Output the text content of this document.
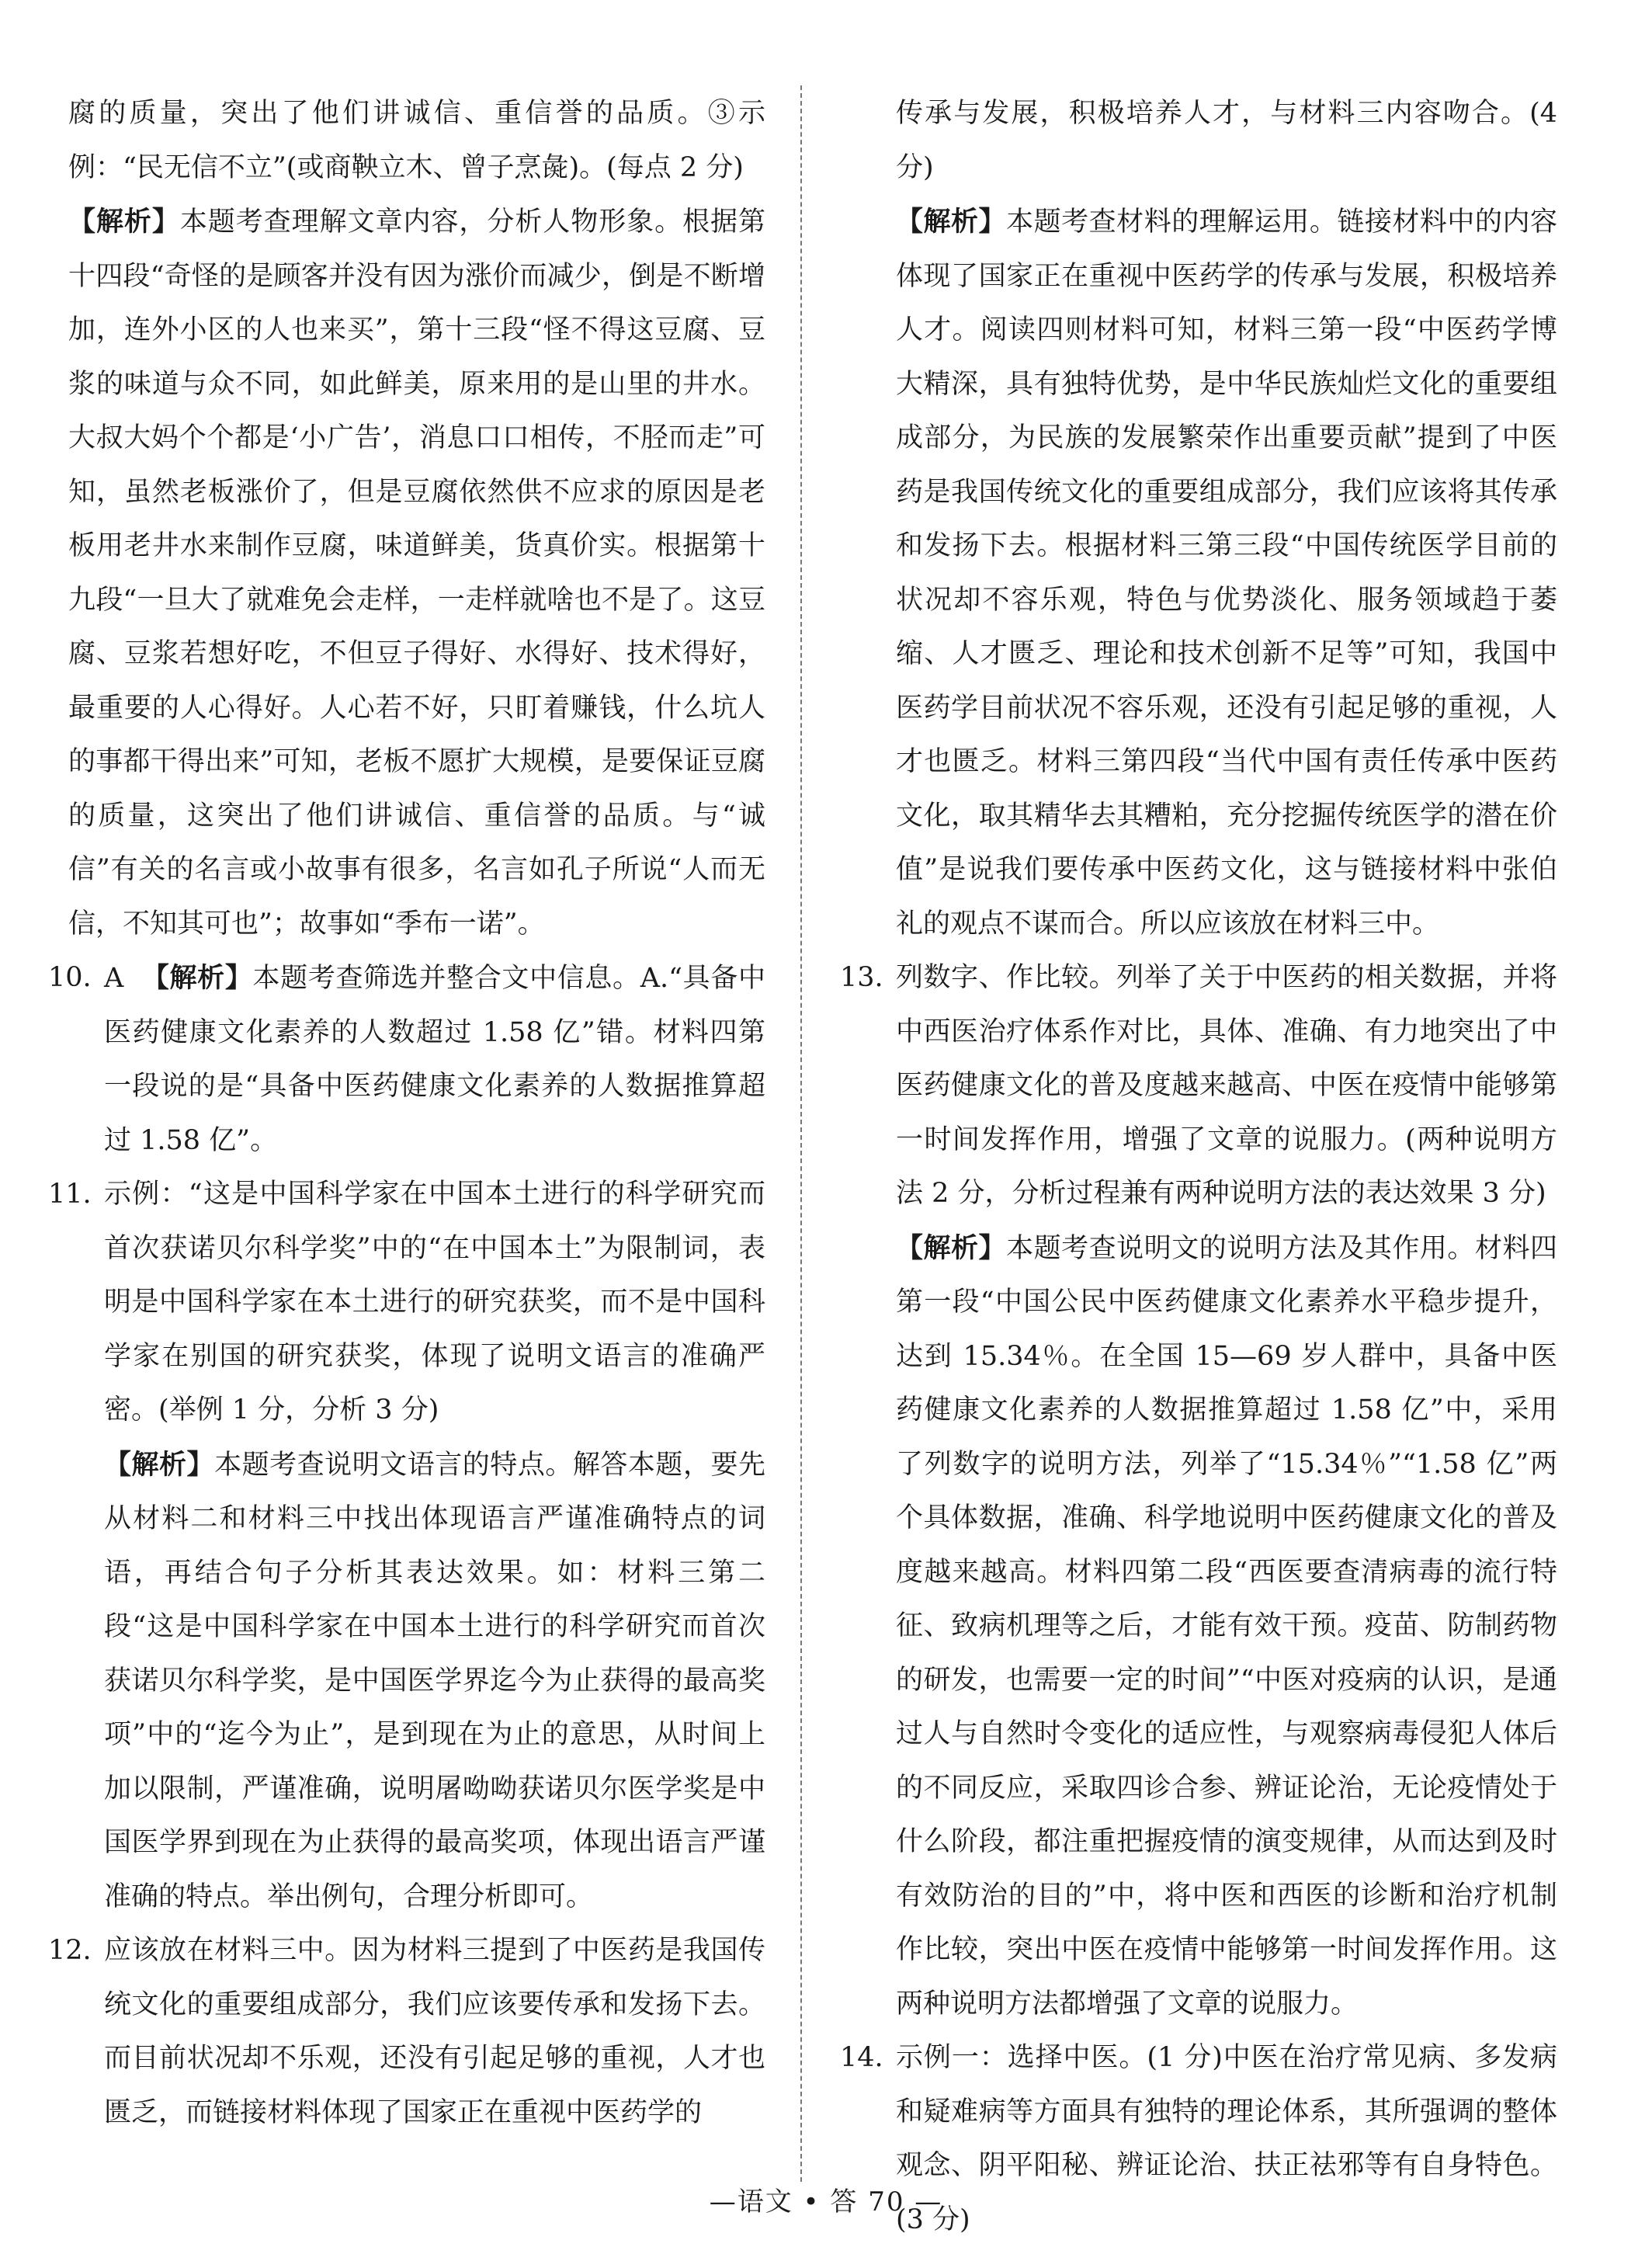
腐的质量，突出了他们讲诚信、重信誉的品质。③示例：“民无信不立”(或商鞅立木、曾子烹彘)。(每点 2 分)

【解析】本题考查理解文章内容，分析人物形象。根据第十四段“奇怪的是顾客并没有因为涨价而减少，倒是不断增加，连外小区的人也来买”，第十三段“怪不得这豆腐、豆浆的味道与众不同，如此鲜美，原来用的是山里的井水。大叔大妈个个都是‘小广告’，消息口口相传，不胫而走”可知，虽然老板涨价了，但是豆腐依然供不应求的原因是老板用老井水来制作豆腐，味道鲜美，货真价实。根据第十九段“一旦大了就难免会走样，一走样就啥也不是了。这豆腐、豆浆若想好吃，不但豆子得好、水得好、技术得好，最重要的人心得好。人心若不好，只盯着赚钱，什么坑人的事都干得出来”可知，老板不愿扩大规模，是要保证豆腐的质量，这突出了他们讲诚信、重信誉的品质。与“诚信”有关的名言或小故事有很多，名言如孔子所说“人而无信，不知其可也”；故事如“季布一诺”。

10. A 【解析】本题考查筛选并整合文中信息。A.“具备中医药健康文化素养的人数超过 1.58 亿”错。材料四第一段说的是“具备中医药健康文化素养的人数据推算超过 1.58 亿”。
11. 示例：“这是中国科学家在中国本土进行的科学研究而首次获诺贝尔科学奖”中的“在中国本土”为限制词，表明是中国科学家在本土进行的研究获奖，而不是中国科学家在别国的研究获奖，体现了说明文语言的准确严密。(举例 1 分，分析 3 分)

【解析】本题考查说明文语言的特点。解答本题，要先从材料二和材料三中找出体现语言严谨准确特点的词语，再结合句子分析其表达效果。如：材料三第二段“这是中国科学家在中国本土进行的科学研究而首次获诺贝尔科学奖，是中国医学界迄今为止获得的最高奖项”中的“迄今为止”，是到现在为止的意思，从时间上加以限制，严谨准确，说明屠呦呦获诺贝尔医学奖是中国医学界到现在为止获得的最高奖项，体现出语言严谨准确的特点。举出例句，合理分析即可。

12. 应该放在材料三中。因为材料三提到了中医药是我国传统文化的重要组成部分，我们应该要传承和发扬下去。而目前状况却不乐观，还没有引起足够的重视，人才也匮乏，而链接材料体现了国家正在重视中医药学的

传承与发展，积极培养人才，与材料三内容吻合。(4 分)

【解析】本题考查材料的理解运用。链接材料中的内容体现了国家正在重视中医药学的传承与发展，积极培养人才。阅读四则材料可知，材料三第一段“中医药学博大精深，具有独特优势，是中华民族灿烂文化的重要组成部分，为民族的发展繁荣作出重要贡献”提到了中医药是我国传统文化的重要组成部分，我们应该将其传承和发扬下去。根据材料三第三段“中国传统医学目前的状况却不容乐观，特色与优势淡化、服务领域趋于萎缩、人才匮乏、理论和技术创新不足等”可知，我国中医药学目前状况不容乐观，还没有引起足够的重视，人才也匮乏。材料三第四段“当代中国有责任传承中医药文化，取其精华去其糟粕，充分挖掘传统医学的潜在价值”是说我们要传承中医药文化，这与链接材料中张伯礼的观点不谋而合。所以应该放在材料三中。

13. 列数字、作比较。列举了关于中医药的相关数据，并将中西医治疗体系作对比，具体、准确、有力地突出了中医药健康文化的普及度越来越高、中医在疫情中能够第一时间发挥作用，增强了文章的说服力。(两种说明方法 2 分，分析过程兼有两种说明方法的表达效果 3 分)

【解析】本题考查说明文的说明方法及其作用。材料四第一段“中国公民中医药健康文化素养水平稳步提升，达到 15.34％。在全国 15—69 岁人群中，具备中医药健康文化素养的人数据推算超过 1.58 亿”中，采用了列数字的说明方法，列举了“15.34％”“1.58 亿”两个具体数据，准确、科学地说明中医药健康文化的普及度越来越高。材料四第二段“西医要查清病毒的流行特征、致病机理等之后，才能有效干预。疫苗、防制药物的研发，也需要一定的时间”“中医对疫病的认识，是通过人与自然时令变化的适应性，与观察病毒侵犯人体后的不同反应，采取四诊合参、辨证论治，无论疫情处于什么阶段，都注重把握疫情的演变规律，从而达到及时有效防治的目的”中，将中医和西医的诊断和治疗机制作比较，突出中医在疫情中能够第一时间发挥作用。这两种说明方法都增强了文章的说服力。

14. 示例一：选择中医。(1 分)中医在治疗常见病、多发病和疑难病等方面具有独特的理论体系，其所强调的整体观念、阴平阳秘、辨证论治、扶正祛邪等有自身特色。(3 分)
—语文 • 答 70 —
